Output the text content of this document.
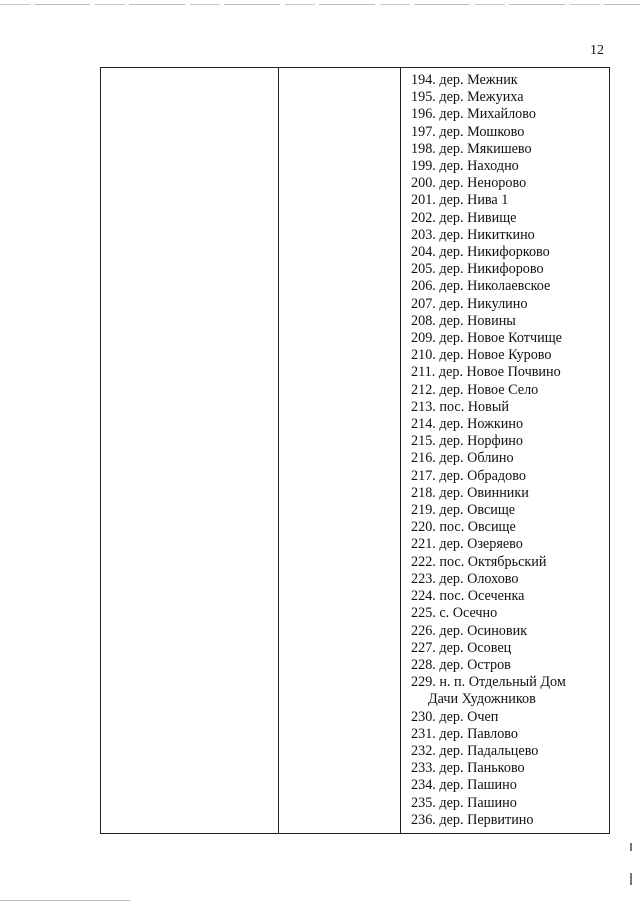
12
194. дер. Межник
195. дер. Межуиха
196. дер. Михайлово
197. дер. Мошково
198. дер. Мякишево
199. дер. Находно
200. дер. Ненорово
201. дер. Нива 1
202. дер. Нивище
203. дер. Никиткино
204. дер. Никифорково
205. дер. Никифорово
206. дер. Николаевское
207. дер. Никулино
208. дер. Новины
209. дер. Новое Котчище
210. дер. Новое Курово
211. дер. Новое Почвино
212. дер. Новое Село
213. пос. Новый
214. дер. Ножкино
215. дер. Норфино
216. дер. Облино
217. дер. Обрадово
218. дер. Овинники
219. дер. Овсище
220. пос. Овсище
221. дер. Озеряево
222. пос. Октябрьский
223. дер. Олохово
224. пос. Осеченка
225. с. Осечно
226. дер. Осиновик
227. дер. Осовец
228. дер. Остров
229. н. п. Отдельный Дом
Дачи Художников
230. дер. Очеп
231. дер. Павлово
232. дер. Падальцево
233. дер. Паньково
234. дер. Пашино
235. дер. Пашино
236. дер. Первитино
